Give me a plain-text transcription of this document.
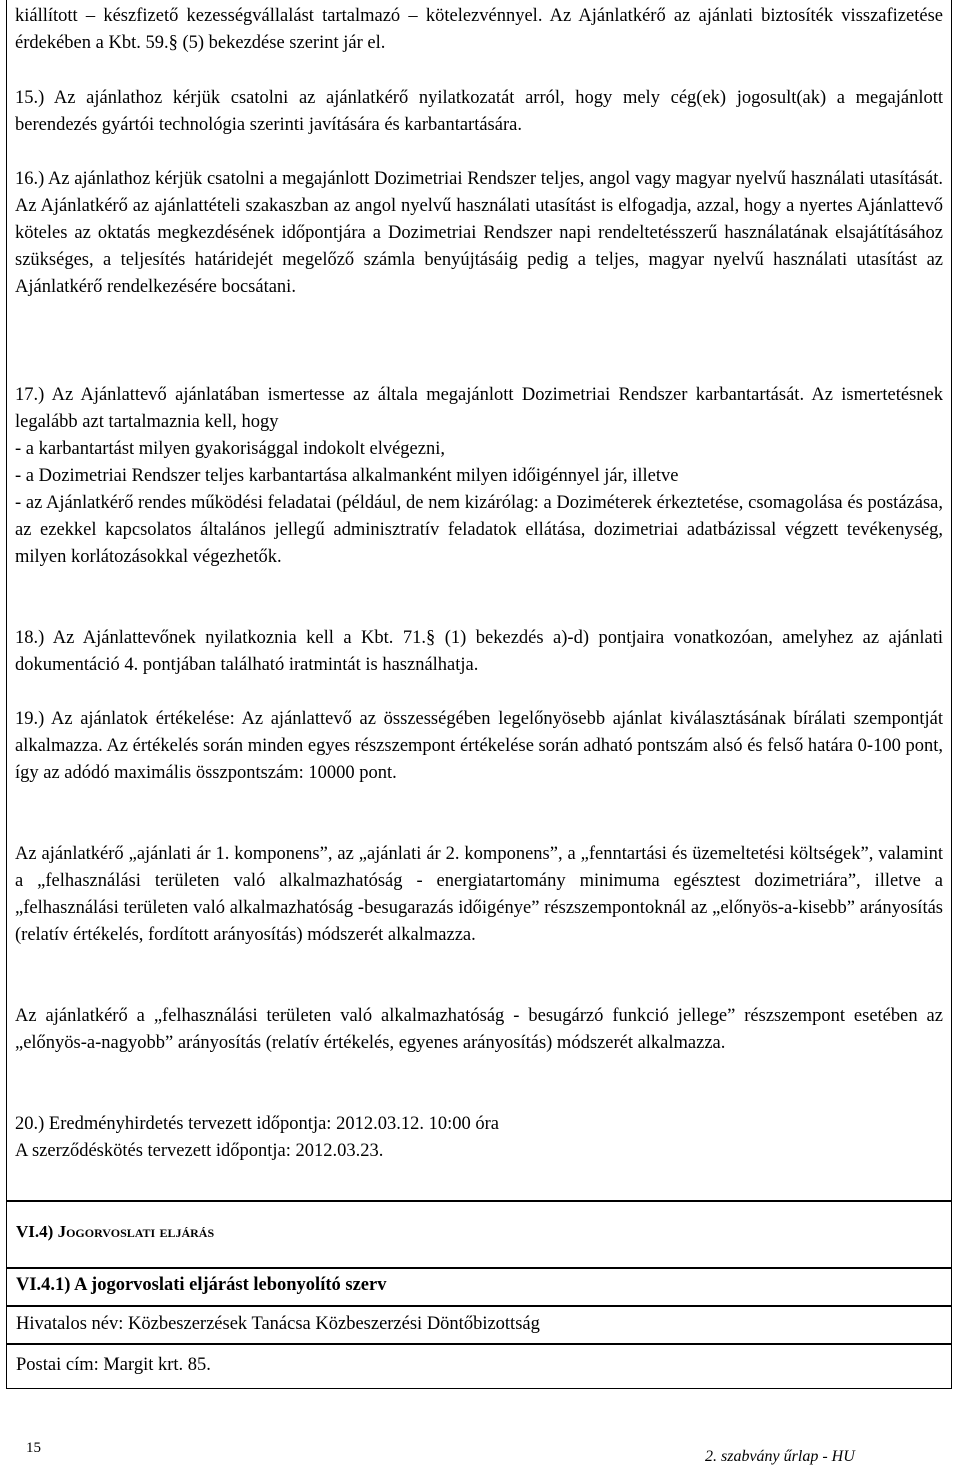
kiállított – készfizető kezességvállalást tartalmazó – kötelezvénnyel. Az Ajánlatkérő az ajánlati biztosíték visszafizetése érdekében a Kbt. 59.§ (5) bekezdése szerint jár el.

15.) Az ajánlathoz kérjük csatolni az ajánlatkérő nyilatkozatát arról, hogy mely cég(ek) jogosult(ak) a megajánlott berendezés gyártói technológia szerinti javítására és karbantartására.

16.) Az ajánlathoz kérjük csatolni a megajánlott Dozimetriai Rendszer teljes, angol vagy magyar nyelvű használati utasítását. Az Ajánlatkérő az ajánlattételi szakaszban az angol nyelvű használati utasítást is elfogadja, azzal, hogy a nyertes Ajánlattevő köteles az oktatás megkezdésének időpontjára a Dozimetriai Rendszer napi rendeltetésszerű használatának elsajátításához szükséges, a teljesítés határidejét megelőző számla benyújtásáig pedig a teljes, magyar nyelvű használati utasítást az Ajánlatkérő rendelkezésére bocsátani.

17.) Az Ajánlattevő ajánlatában ismertesse az általa megajánlott Dozimetriai Rendszer karbantartását. Az ismertetésnek legalább azt tartalmaznia kell, hogy

- a karbantartást milyen gyakorisággal indokolt elvégezni,

- a Dozimetriai Rendszer teljes karbantartása alkalmanként milyen időigénnyel jár, illetve

- az Ajánlatkérő rendes működési feladatai (például, de nem kizárólag: a Doziméterek érkeztetése, csomagolása és postázása, az ezekkel kapcsolatos általános jellegű adminisztratív feladatok ellátása, dozimetriai adatbázissal végzett tevékenység, milyen korlátozásokkal végezhetők.

18.) Az Ajánlattevőnek nyilatkoznia kell a Kbt. 71.§ (1) bekezdés a)-d) pontjaira vonatkozóan, amelyhez az ajánlati dokumentáció 4. pontjában található iratmintát is használhatja.

19.) Az ajánlatok értékelése: Az ajánlattevő az összességében legelőnyösebb ajánlat kiválasztásának bírálati szempontját alkalmazza. Az értékelés során minden egyes részszempont értékelése során adható pontszám alsó és felső határa 0-100 pont, így az adódó maximális összpontszám: 10000 pont.

Az ajánlatkérő „ajánlati ár 1. komponens”, az „ajánlati ár 2. komponens”, a „fenntartási és üzemeltetési költségek”, valamint a „felhasználási területen való alkalmazhatóság - energiatartomány minimuma egésztest dozimetriára”, illetve a „felhasználási területen való alkalmazhatóság -besugarazás időigénye” részszempontoknál az „előnyös-a-kisebb” arányosítás (relatív értékelés, fordított arányosítás) módszerét alkalmazza.

Az ajánlatkérő a „felhasználási területen való alkalmazhatóság - besugárzó funkció jellege” részszempont esetében az „előnyös-a-nagyobb” arányosítás (relatív értékelés, egyenes arányosítás) módszerét alkalmazza.

20.) Eredményhirdetés tervezett időpontja: 2012.03.12. 10:00 óra
A szerződéskötés tervezett időpontja: 2012.03.23.
VI.4) Jogorvoslati eljárás
VI.4.1) A jogorvoslati eljárást lebonyolító szerv
Hivatalos név: Közbeszerzések Tanácsa Közbeszerzési Döntőbizottság
Postai cím: Margit krt. 85.
15	2. szabvány űrlap - HU
